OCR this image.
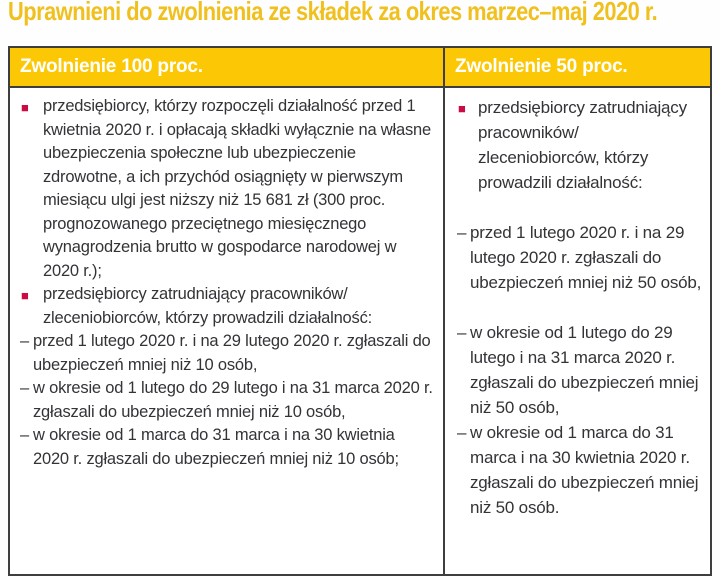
Uprawnieni do zwolnienia ze składek za okres marzec–maj 2020 r.
Zwolnienie 100 proc.	Zwolnienie 50 proc.
■ przedsiębiorcy, którzy rozpoczęli działalność przed 1 kwietnia 2020 r. i opłacają składki wyłącznie na własne ubezpieczenia społeczne lub ubezpieczenie zdrowotne, a ich przychód osiągnięty w pierwszym miesiącu ulgi jest niższy niż 15 681 zł (300 proc. prognozowanego przeciętnego miesięcznego wynagrodzenia brutto w gospodarce narodowej w 2020 r.);
■ przedsiębiorcy zatrudniający pracowników/ zleceniobiorców, którzy prowadzili działalność:
– przed 1 lutego 2020 r. i na 29 lutego 2020 r. zgłaszali do ubezpieczeń mniej niż 10 osób,
– w okresie od 1 lutego do 29 lutego i na 31 marca 2020 r. zgłaszali do ubezpieczeń mniej niż 10 osób,
– w okresie od 1 marca do 31 marca i na 30 kwietnia 2020 r. zgłaszali do ubezpieczeń mniej niż 10 osób;
■ przedsiębiorcy zatrudniający pracowników/ zleceniobiorców, którzy prowadzili działalność:
– przed 1 lutego 2020 r. i na 29 lutego 2020 r. zgłaszali do ubezpieczeń mniej niż 50 osób,
– w okresie od 1 lutego do 29 lutego i na 31 marca 2020 r. zgłaszali do ubezpieczeń mniej niż 50 osób,
– w okresie od 1 marca do 31 marca i na 30 kwietnia 2020 r. zgłaszali do ubezpieczeń mniej niż 50 osób.
